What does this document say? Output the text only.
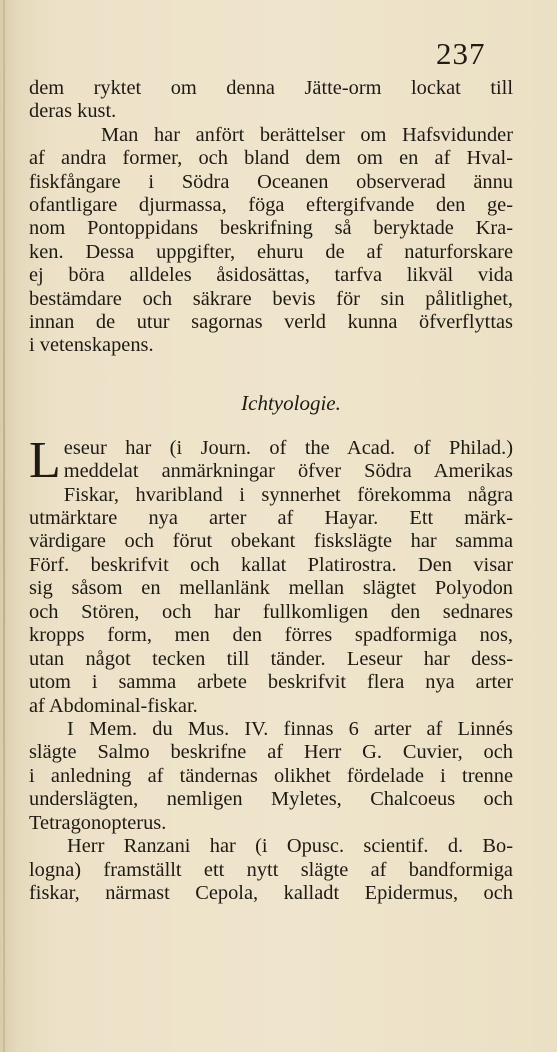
237
dem ryktet om denna Jätte-orm lockat till
deras kust.
Man har anfört berättelser om Hafsvidunder
af andra former, och bland dem om en af Hval-
fiskfångare i Södra Oceanen observerad ännu
ofantligare djurmassa, föga eftergifvande den ge-
nom Pontoppidans beskrifning så beryktade Kra-
ken. Dessa uppgifter, ehuru de af naturforskare
ej böra alldeles åsidosättas, tarfva likväl vida
bestämdare och säkrare bevis för sin pålitlighet,
innan de utur sagornas verld kunna öfverflyttas
i vetenskapens.
Ichtyologie.
L eseur har (i Journ. of the Acad. of Philad.)
meddelat anmärkningar öfver Södra Amerikas
Fiskar, hvaribland i synnerhet förekomma några
utmärktare nya arter af Hayar. Ett märk-
värdigare och förut obekant fiskslägte har samma
Förf. beskrifvit och kallat Platirostra. Den visar
sig såsom en mellanlänk mellan slägtet Polyodon
och Stören, och har fullkomligen den sednares
kropps form, men den förres spadformiga nos,
utan något tecken till tänder. Leseur har dess-
utom i samma arbete beskrifvit flera nya arter
af Abdominal-fiskar.
I Mem. du Mus. IV. finnas 6 arter af Linnés
slägte Salmo beskrifne af Herr G. Cuvier, och
i anledning af tändernas olikhet fördelade i trenne
underslägten, nemligen Myletes, Chalcoeus och
Tetragonopterus.
Herr Ranzani har (i Opusc. scientif. d. Bo-
logna) framställt ett nytt slägte af bandformiga
fiskar, närmast Cepola, kalladt Epidermus, och
